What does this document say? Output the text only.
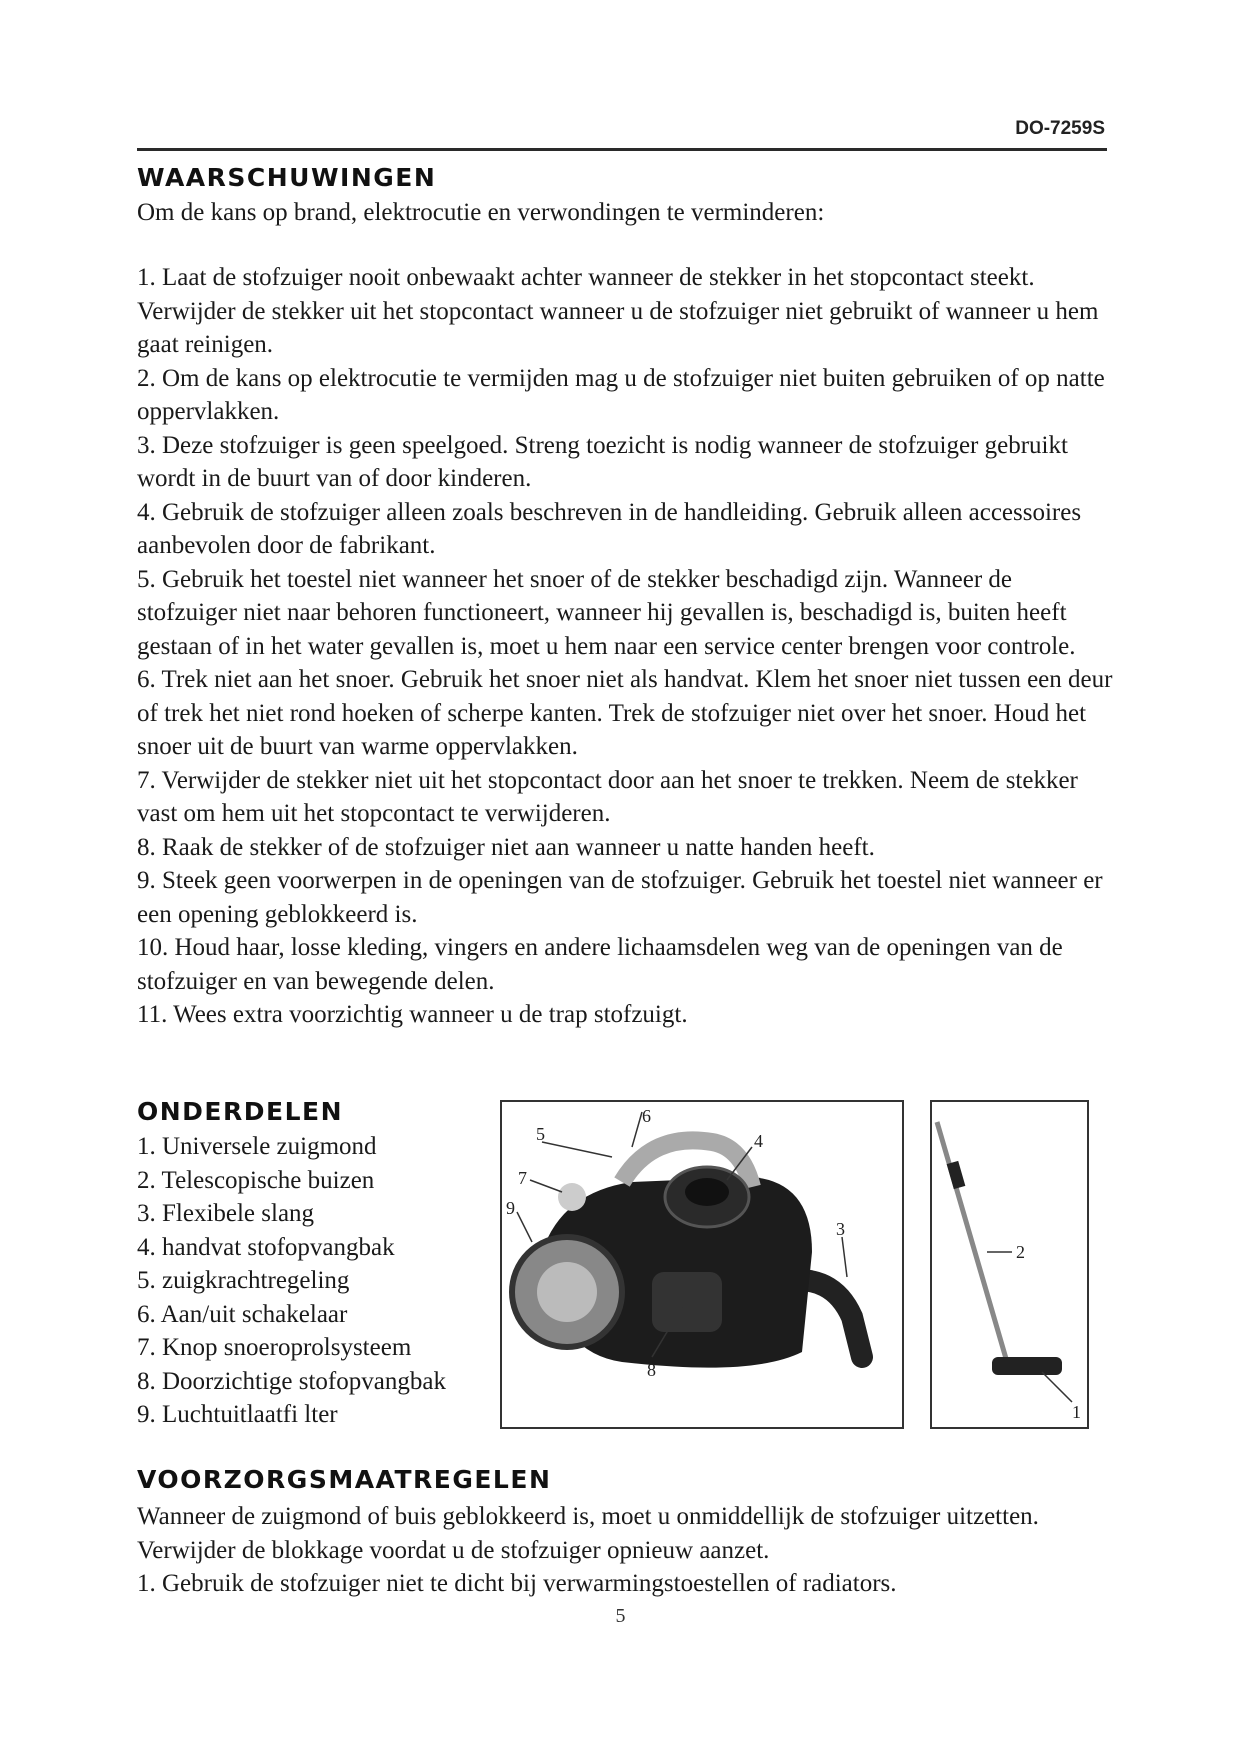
DO-7259S
WAARSCHUWINGEN
Om de kans op brand, elektrocutie en verwondingen te verminderen:

1. Laat de stofzuiger nooit onbewaakt achter wanneer de stekker in het stopcontact steekt. Verwijder de stekker uit het stopcontact wanneer u de stofzuiger niet gebruikt of wanneer u hem gaat reinigen.

2. Om de kans op elektrocutie te vermijden mag u de stofzuiger niet buiten gebruiken of op natte oppervlakken.

3. Deze stofzuiger is geen speelgoed. Streng toezicht is nodig wanneer de stofzuiger gebruikt wordt in de buurt van of door kinderen.

4. Gebruik de stofzuiger alleen zoals beschreven in de handleiding. Gebruik alleen accessoires aanbevolen door de fabrikant.

5. Gebruik het toestel niet wanneer het snoer of de stekker beschadigd zijn. Wanneer de stofzuiger niet naar behoren functioneert, wanneer hij gevallen is, beschadigd is, buiten heeft gestaan of in het water gevallen is, moet u hem naar een service center brengen voor controle.

6. Trek niet aan het snoer. Gebruik het snoer niet als handvat. Klem het snoer niet tussen een deur of trek het niet rond hoeken of scherpe kanten. Trek de stofzuiger niet over het snoer. Houd het snoer uit de buurt van warme oppervlakken.

7. Verwijder de stekker niet uit het stopcontact door aan het snoer te trekken. Neem de stekker vast om hem uit het stopcontact te verwijderen.

8. Raak de stekker of de stofzuiger niet aan wanneer u natte handen heeft.

9. Steek geen voorwerpen in de openingen van de stofzuiger. Gebruik het toestel niet wanneer er een opening geblokkeerd is.

10. Houd haar, losse kleding, vingers en andere lichaamsdelen weg van de openingen van de stofzuiger en van bewegende delen.

11. Wees extra voorzichtig wanneer u de trap stofzuigt.

ONDERDELEN
1. Universele zuigmond
2. Telescopische buizen
3. Flexibele slang
4. handvat stofopvangbak
5. zuigkrachtregeling
6. Aan/uit schakelaar
7. Knop snoeroprolsysteem
8. Doorzichtige stofopvangbak
9. Luchtuitlaatfi lter
5
6
4
7
9
3
8
2
1
VOORZORGSMAATREGELEN

Wanneer de zuigmond of buis geblokkeerd is, moet u onmiddellijk de stofzuiger uitzetten. Verwijder de blokkage voordat u de stofzuiger opnieuw aanzet.

1. Gebruik de stofzuiger niet te dicht bij verwarmingstoestellen of radiators.

5
